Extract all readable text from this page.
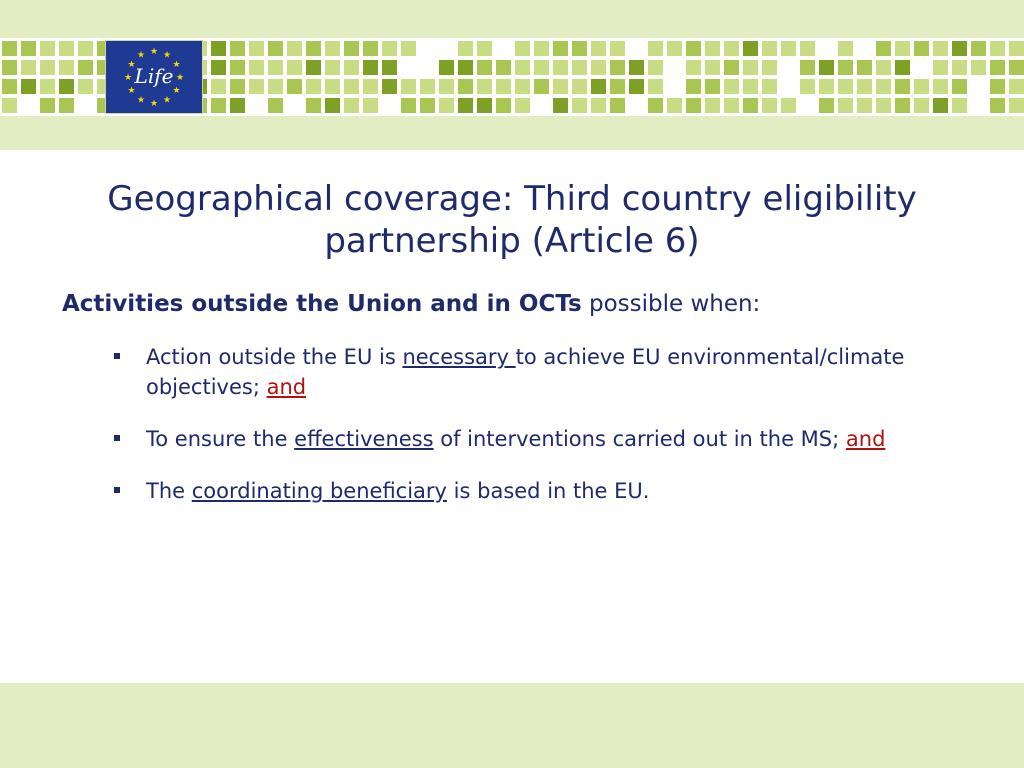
★ ★
★
★
★
★
★
★
★
★
★
★
Life
Geographical coverage: Third country eligibility
partnership (Article 6)
Activities outside the Union and in OCTs possible when:
Action outside the EU is necessary to achieve EU environmental/climate objectives; and
To ensure the effectiveness of interventions carried out in the MS; and
The coordinating beneficiary is based in the EU.
